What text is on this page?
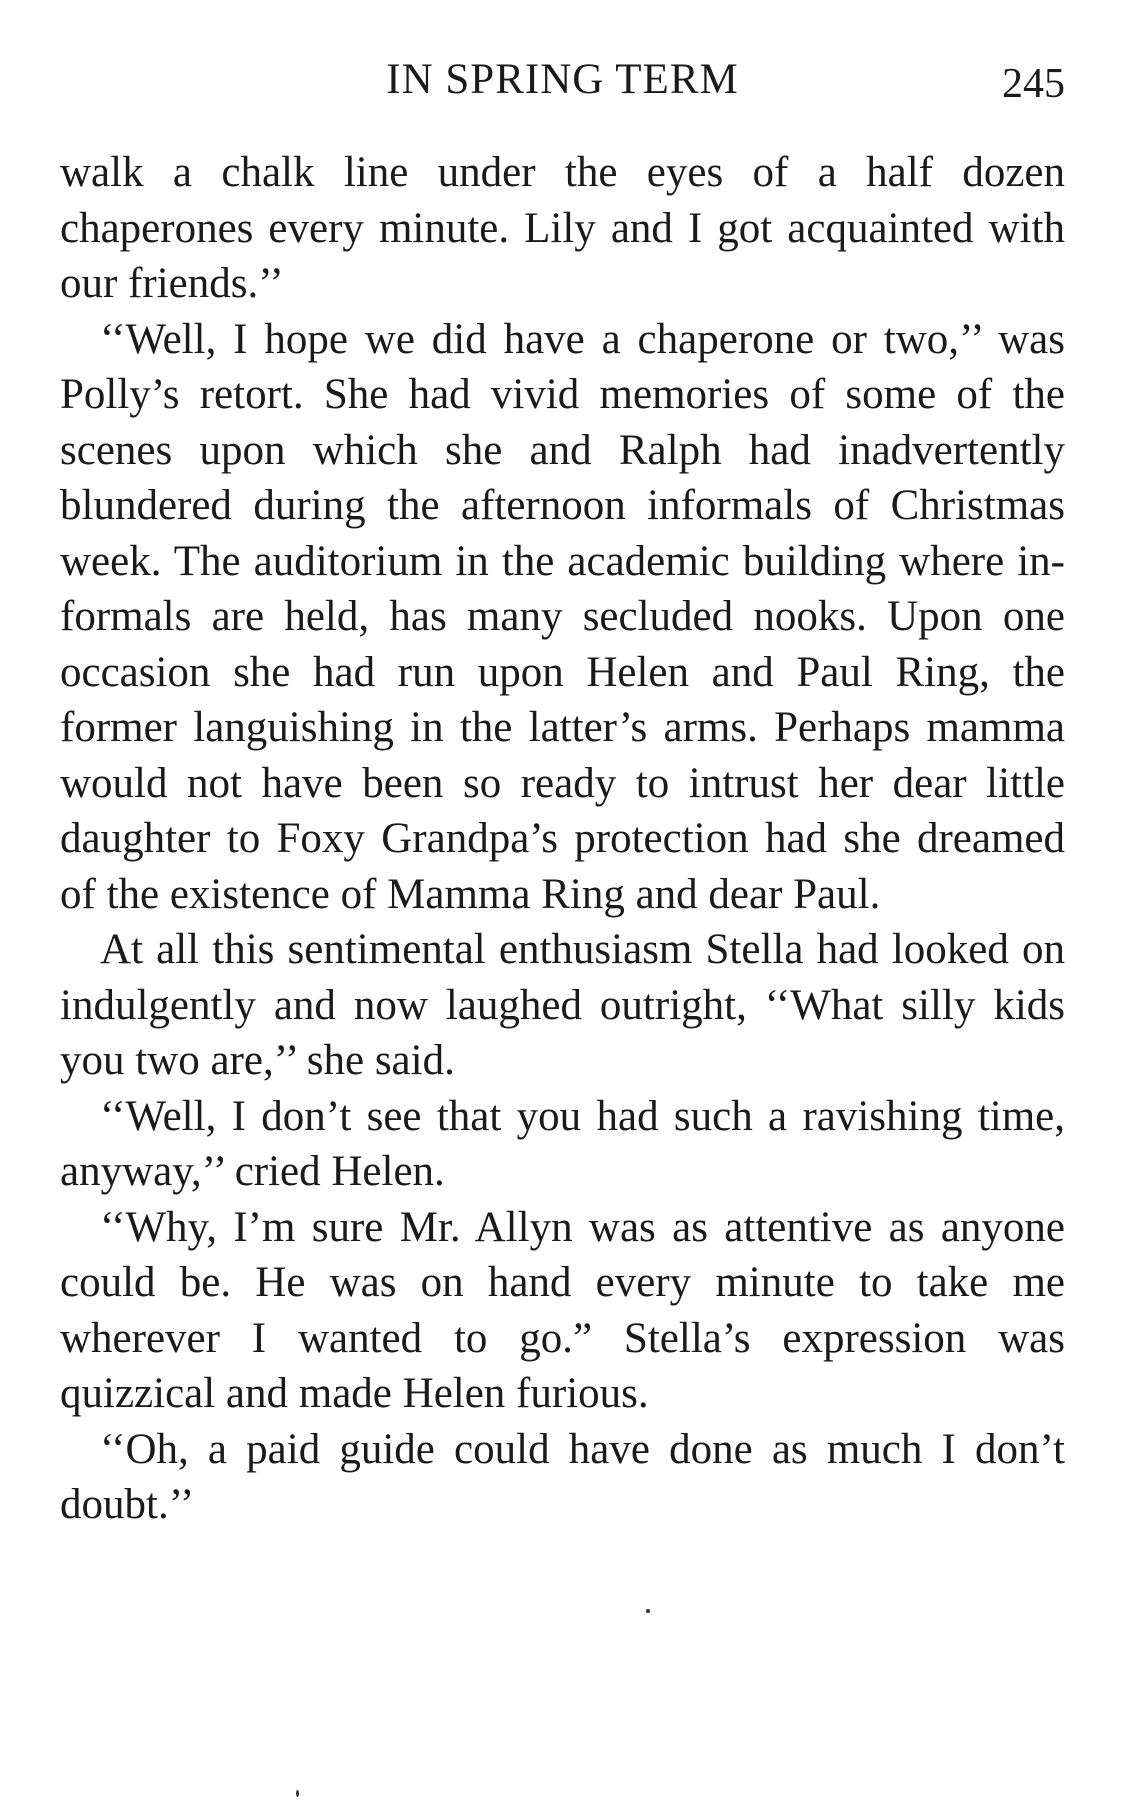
IN SPRING TERM	245

walk a chalk line under the eyes of a half dozen chaperones every minute. Lily and I got acquainted with our friends.’’

‘‘Well, I hope we did have a chaperone or two,’’ was Polly’s retort. She had vivid memories of some of the scenes upon which she and Ralph had inadvertently blundered during the afternoon informals of Christmas week. The auditorium in the academic building where informals are held, has many secluded nooks. Upon one occasion she had run upon Helen and Paul Ring, the former languishing in the latter’s arms. Perhaps mamma would not have been so ready to intrust her dear little daughter to Foxy Grandpa’s protection had she dreamed of the existence of Mamma Ring and dear Paul.

At all this sentimental enthusiasm Stella had looked on indulgently and now laughed outright, ‘‘What silly kids you two are,’’ she said.

‘‘Well, I don’t see that you had such a ravishing time, anyway,’’ cried Helen.

‘‘Why, I’m sure Mr. Allyn was as attentive as anyone could be. He was on hand every minute to take me wherever I wanted to go.” Stella’s expression was quizzical and made Helen furious.

‘‘Oh, a paid guide could have done as much I don’t doubt.’’
